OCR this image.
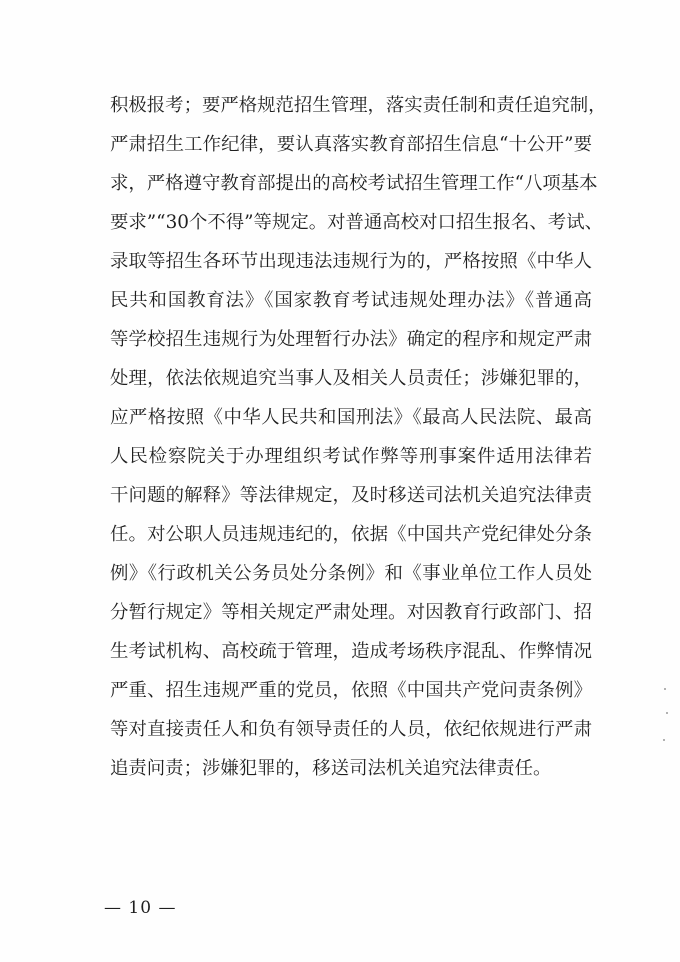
积极报考；要严格规范招生管理，落实责任制和责任追究制，
严肃招生工作纪律，要认真落实教育部招生信息“十公开”要
求，严格遵守教育部提出的高校考试招生管理工作“八项基本
要求”“30个不得”等规定。对普通高校对口招生报名、考试、
录取等招生各环节出现违法违规行为的，严格按照《中华人
民共和国教育法》《国家教育考试违规处理办法》《普通高
等学校招生违规行为处理暂行办法》确定的程序和规定严肃
处理，依法依规追究当事人及相关人员责任；涉嫌犯罪的，
应严格按照《中华人民共和国刑法》《最高人民法院、最高
人民检察院关于办理组织考试作弊等刑事案件适用法律若
干问题的解释》等法律规定，及时移送司法机关追究法律责
任。对公职人员违规违纪的，依据《中国共产党纪律处分条
例》《行政机关公务员处分条例》和《事业单位工作人员处
分暂行规定》等相关规定严肃处理。对因教育行政部门、招
生考试机构、高校疏于管理，造成考场秩序混乱、作弊情况
严重、招生违规严重的党员，依照《中国共产党问责条例》
等对直接责任人和负有领导责任的人员，依纪依规进行严肃
追责问责；涉嫌犯罪的，移送司法机关追究法律责任。
— 10 —
